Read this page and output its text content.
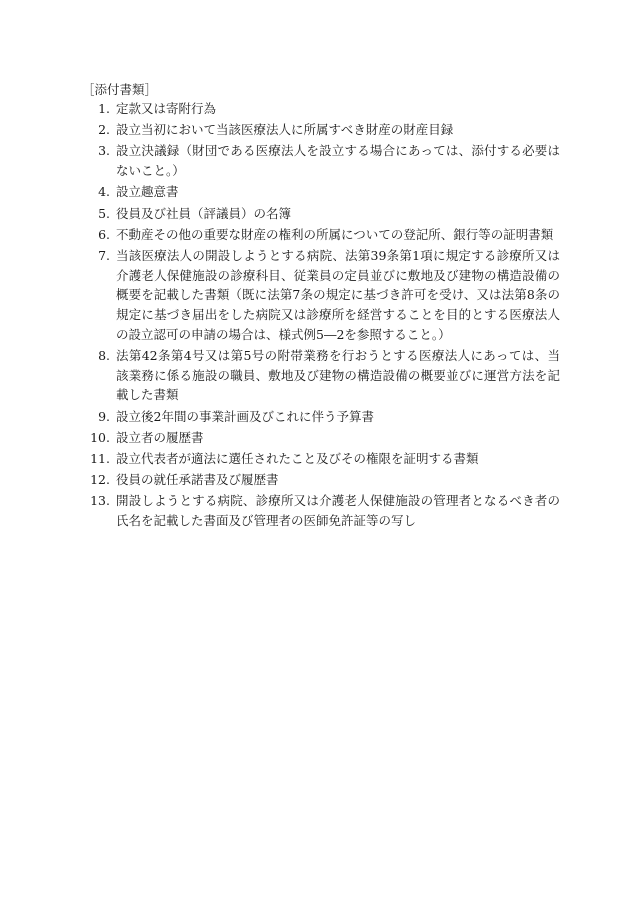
［添付書類］
1. 定款又は寄附行為
2. 設立当初において当該医療法人に所属すべき財産の財産目録
3. 設立決議録（財団である医療法人を設立する場合にあっては、添付する必要はないこと。）
4. 設立趣意書
5. 役員及び社員（評議員）の名簿
6. 不動産その他の重要な財産の権利の所属についての登記所、銀行等の証明書類
7. 当該医療法人の開設しようとする病院、法第39条第1項に規定する診療所又は介護老人保健施設の診療科目、従業員の定員並びに敷地及び建物の構造設備の概要を記載した書類（既に法第7条の規定に基づき許可を受け、又は法第8条の規定に基づき届出をした病院又は診療所を経営することを目的とする医療法人の設立認可の申請の場合は、様式例5―2を参照すること。）
8. 法第42条第4号又は第5号の附帯業務を行おうとする医療法人にあっては、当該業務に係る施設の職員、敷地及び建物の構造設備の概要並びに運営方法を記載した書類
9. 設立後2年間の事業計画及びこれに伴う予算書
10. 設立者の履歴書
11. 設立代表者が適法に選任されたこと及びその権限を証明する書類
12. 役員の就任承諾書及び履歴書
13. 開設しようとする病院、診療所又は介護老人保健施設の管理者となるべき者の氏名を記載した書面及び管理者の医師免許証等の写し
